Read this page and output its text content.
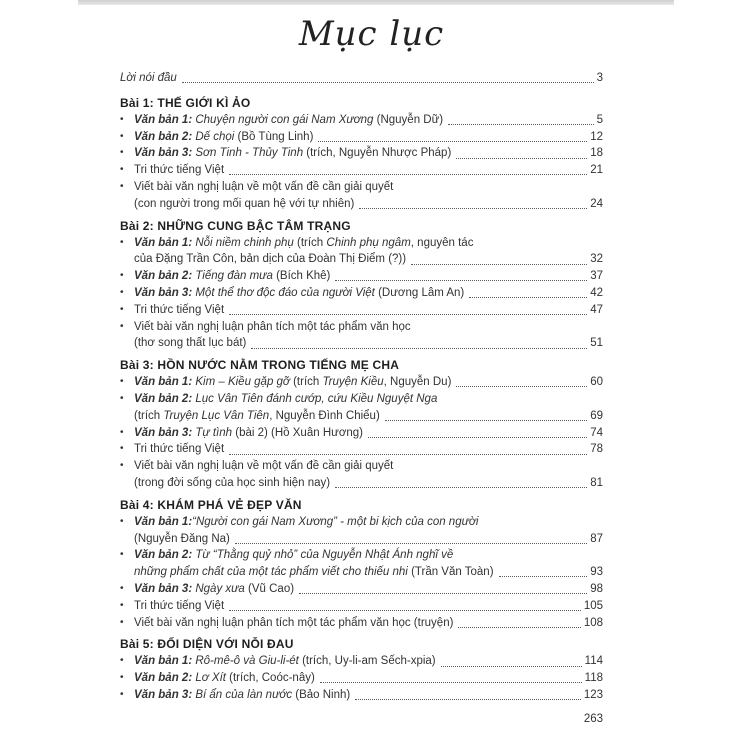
Mục lục
Lời nói đầu	3
Bài 1: THẾ GIỚI KÌ ẢO
• Văn bản 1: Chuyện người con gái Nam Xương (Nguyễn Dữ)	5
• Văn bản 2: Dế chọi (Bồ Tùng Linh)	12
• Văn bản 3: Sơn Tinh - Thủy Tinh (trích, Nguyễn Nhược Pháp)	18
• Tri thức tiếng Việt	21
• Viết bài văn nghị luận về một vấn đề cần giải quyết
(con người trong mối quan hệ với tự nhiên)	24
Bài 2: NHỮNG CUNG BẬC TÂM TRẠNG
• Văn bản 1: Nỗi niềm chinh phụ (trích Chinh phụ ngâm, nguyên tác
của Đặng Trần Côn, bản dịch của Đoàn Thị Điểm (?))	32
• Văn bản 2: Tiếng đàn mưa (Bích Khê)	37
• Văn bản 3: Một thể thơ độc đáo của người Việt (Dương Lâm An)	42
• Tri thức tiếng Việt	47
• Viết bài văn nghị luận phân tích một tác phẩm văn học
(thơ song thất lục bát)	51
Bài 3: HỒN NƯỚC NẰM TRONG TIẾNG MẸ CHA
• Văn bản 1: Kim – Kiều gặp gỡ (trích Truyện Kiều, Nguyễn Du)	60
• Văn bản 2: Lục Vân Tiên đánh cướp, cứu Kiều Nguyệt Nga
(trích Truyện Lục Vân Tiên, Nguyễn Đình Chiểu)	69
• Văn bản 3: Tự tình (bài 2) (Hồ Xuân Hương)	74
• Tri thức tiếng Việt	78
• Viết bài văn nghị luận về một vấn đề cần giải quyết
(trong đời sống của học sinh hiện nay)	81
Bài 4: KHÁM PHÁ VẺ ĐẸP VĂN
• Văn bản 1:“Người con gái Nam Xương” - một bi kịch của con người
(Nguyễn Đăng Na)	87
• Văn bản 2: Từ “Thằng quỷ nhỏ” của Nguyễn Nhật Ánh nghĩ về
những phẩm chất của một tác phẩm viết cho thiếu nhi (Trần Văn Toàn)	93
• Văn bản 3: Ngày xưa (Vũ Cao)	98
• Tri thức tiếng Việt	105
• Viết bài văn nghị luận phân tích một tác phẩm văn học (truyện)	108
Bài 5: ĐỐI DIỆN VỚI NỖI ĐAU
• Văn bản 1: Rô-mê-ô và Giu-li-ét (trích, Uy-li-am Sếch-xpia)	114
• Văn bản 2: Lơ Xít (trích, Coóc-nây)	118
• Văn bản 3: Bí ẩn của làn nước (Bảo Ninh)	123
263
